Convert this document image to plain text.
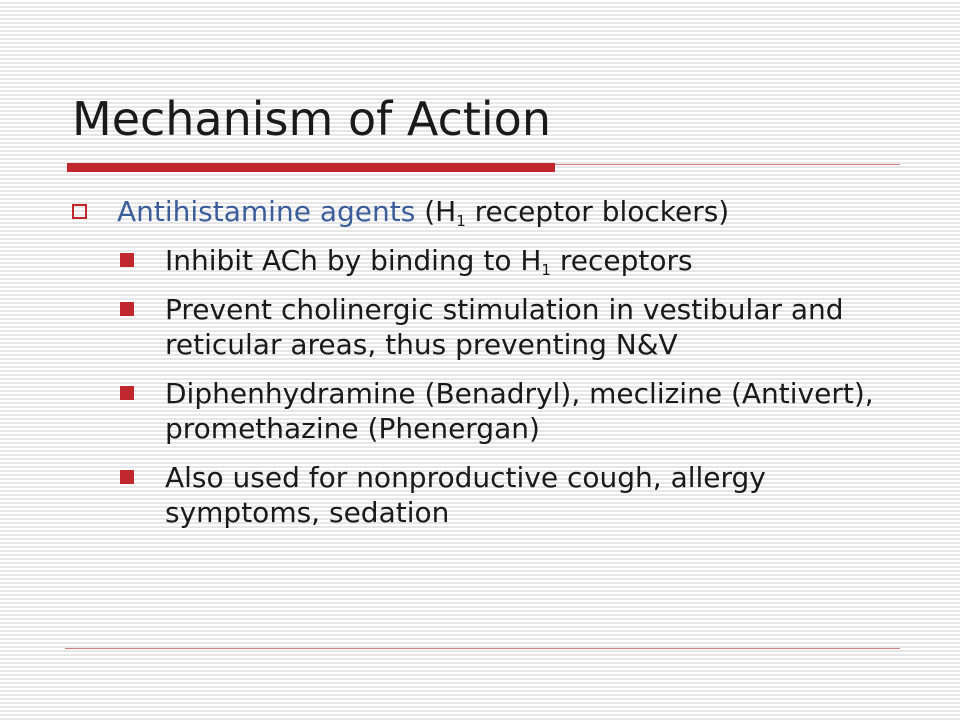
Mechanism of Action
Antihistamine agents ($H_1$ receptor blockers)
Inhibit ACh by binding to $H_1$ receptors
Prevent cholinergic stimulation in vestibular and reticular areas, thus preventing N&V
Diphenhydramine (Benadryl), meclizine (Antivert), promethazine (Phenergan)
Also used for nonproductive cough, allergy symptoms, sedation
